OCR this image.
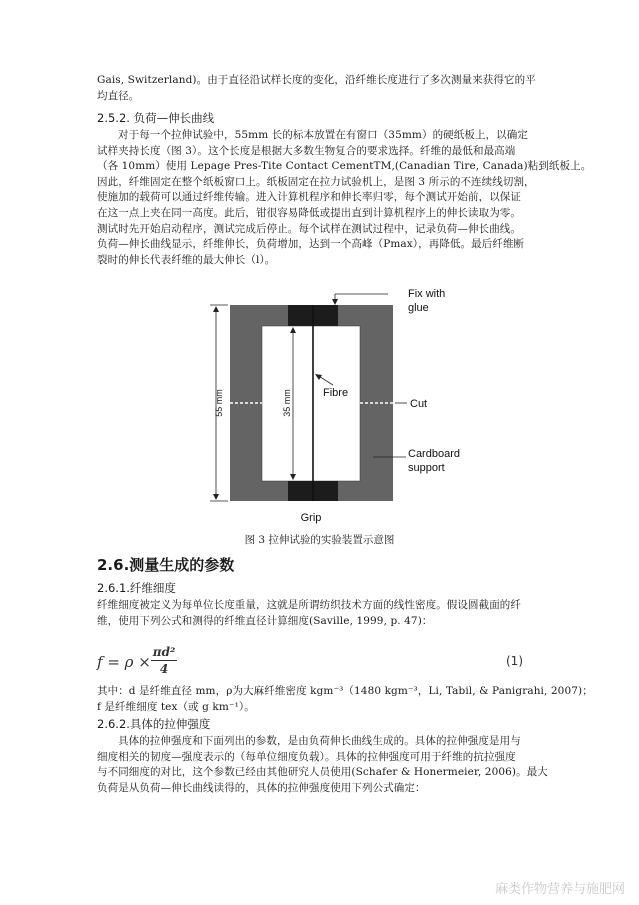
Gais, Switzerland)。由于直径沿试样长度的变化，沿纤维长度进行了多次测量来获得它的平
均直径。
2.5.2. 负荷—伸长曲线
对于每一个拉伸试验中，55mm 长的标本放置在有窗口（35mm）的硬纸板上，以确定
试样夹持长度（图 3）。这个长度是根据大多数生物复合的要求选择。纤维的最低和最高端
（各 10mm）使用 Lepage Pres-Tite Contact CementTM,(Canadian Tire, Canada)粘到纸板上。
因此，纤维固定在整个纸板窗口上。纸板固定在拉力试验机上，是图 3 所示的不连续线切割，
使施加的载荷可以通过纤维传输。进入计算机程序和伸长率归零，每个测试开始前，以保证
在这一点上夹在同一高度。此后，钳很容易降低或提出直到计算机程序上的伸长读取为零。
测试时先开始启动程序，测试完成后停止。每个试样在测试过程中，记录负荷—伸长曲线。
负荷—伸长曲线显示，纤维伸长，负荷增加，达到一个高峰（Pmax），再降低。最后纤维断
裂时的伸长代表纤维的最大伸长（l）。
55 mm	35 mm
Fix with
glue
Fibre
Cut
Cardboard
support
Grip
图 3 拉伸试验的实验装置示意图
2.6.测量生成的参数
2.6.1.纤维细度
纤维细度被定义为每单位长度重量，这就是所谓纺织技术方面的线性密度。假设圆截面的纤
维，使用下列公式和测得的纤维直径计算细度(Saville, 1999, p. 47)：
f = ρ ×
πd²
4
(1)
其中：d 是纤维直径 mm，ρ为大麻纤维密度 kgm⁻³（1480 kgm⁻³，Li, Tabil, & Panigrahi, 2007)；
f 是纤维细度 tex（或 g km⁻¹）。
2.6.2.具体的拉伸强度
具体的拉伸强度和下面列出的参数，是由负荷伸长曲线生成的。具体的拉伸强度是用与
细度相关的韧度—强度表示的（每单位细度负载）。具体的拉伸强度可用于纤维的抗拉强度
与不同细度的对比，这个参数已经由其他研究人员使用(Schafer & Honermeier, 2006)。最大
负荷是从负荷—伸长曲线读得的，具体的拉伸强度使用下列公式确定：
麻类作物营养与施肥网
